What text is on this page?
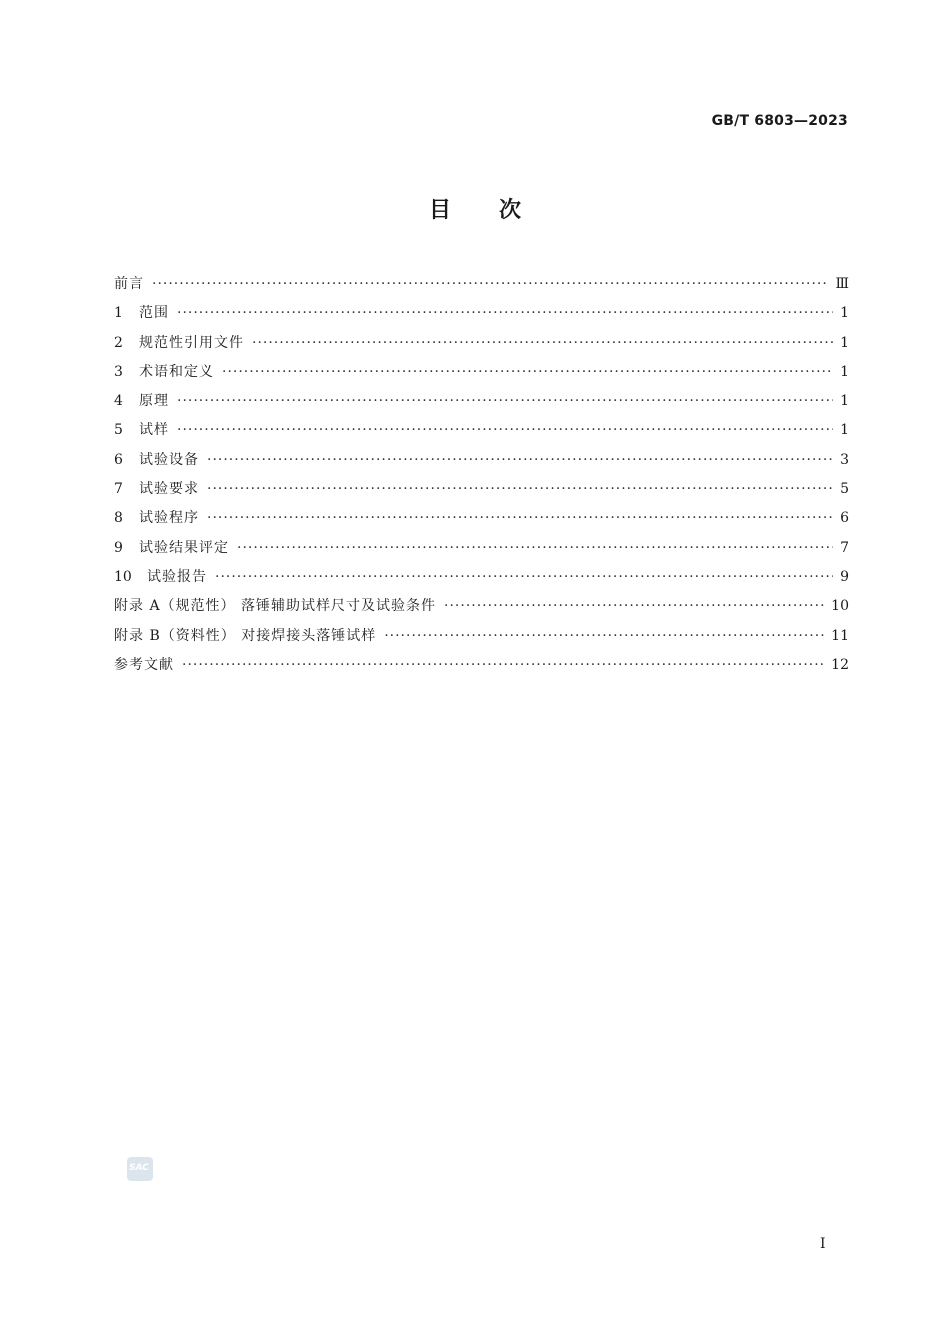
GB/T 6803—2023
目次
前言 ·····	Ⅲ
1	范围 ·····	1
2	规范性引用文件 ·····	1
3	术语和定义 ·····	1
4	原理 ·····	1
5	试样 ·····	1
6	试验设备 ·····	3
7	试验要求 ·····	5
8	试验程序 ·····	6
9	试验结果评定 ·····	7
10	试验报告 ·····	9
附录 A（规范性） 落锤辅助试样尺寸及试验条件 ·····	10
附录 B（资料性） 对接焊接头落锤试样 ·····	11
参考文献 ·····	12
SAC
I
